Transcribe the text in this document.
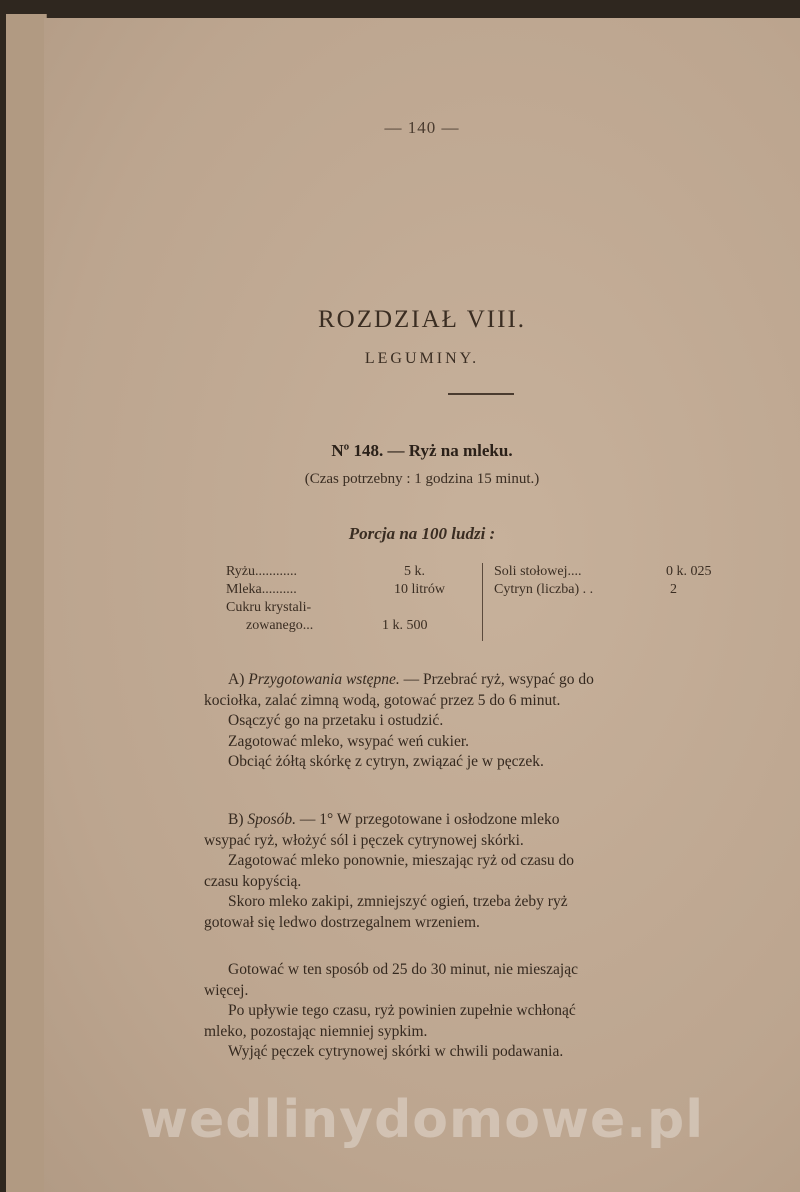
— 140 —
ROZDZIAŁ VIII.
LEGUMINY.
Nº 148. — Ryż na mleku.
(Czas potrzebny : 1 godzina 15 minut.)
Porcja na 100 ludzi :
Ryżu............	5 k.
Mleka..........	10 litrów
Cukru krystali-
zowanego...	1 k. 500
Soli stołowej....	0 k. 025
Cytryn (liczba) . .	2
A) Przygotowania wstępne. — Przebrać ryż, wsypać go do
kociołka, zalać zimną wodą, gotować przez 5 do 6 minut.
Osączyć go na przetaku i ostudzić.
Zagotować mleko, wsypać weń cukier.
Obciąć żółtą skórkę z cytryn, związać je w pęczek.
B) Sposób. — 1° W przegotowane i osłodzone mleko
wsypać ryż, włożyć sól i pęczek cytrynowej skórki.
Zagotować mleko ponownie, mieszając ryż od czasu do
czasu kopyścią.
Skoro mleko zakipi, zmniejszyć ogień, trzeba żeby ryż
gotował się ledwo dostrzegalnem wrzeniem.
Gotować w ten sposób od 25 do 30 minut, nie mieszając
więcej.
Po upływie tego czasu, ryż powinien zupełnie wchłonąć
mleko, pozostając niemniej sypkim.
Wyjąć pęczek cytrynowej skórki w chwili podawania.
wedlinydomowe.pl
